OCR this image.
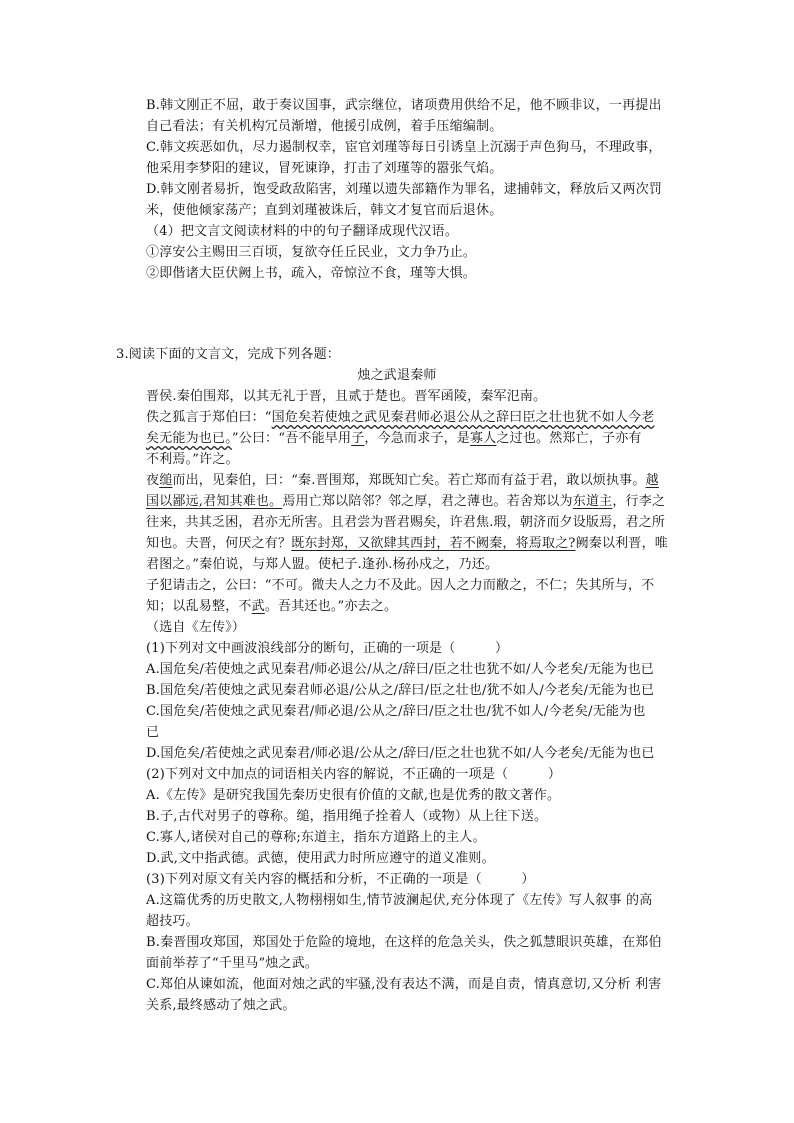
B.韩文刚正不屈，敢于奏议国事，武宗继位，诸项费用供给不足，他不顾非议，一再提出
自己看法；有关机构冗员渐增，他援引成例，着手压缩编制。
C.韩文疾恶如仇，尽力遏制权幸，宦官刘瑾等每日引诱皇上沉溺于声色狗马，不理政事，
他采用李梦阳的建议，冒死谏诤，打击了刘瑾等的嚣张气焰。
D.韩文刚者易折，饱受政敌陷害，刘瑾以遗失部籍作为罪名，逮捕韩文，释放后又两次罚
米，使他倾家荡产；直到刘瑾被诛后，韩文才复官而后退休。
（4）把文言文阅读材料的中的句子翻译成现代汉语。
①淳安公主赐田三百顷，复欲夺任丘民业，文力争乃止。
②即偕诸大臣伏阙上书，疏入，帝惊泣不食，瑾等大惧。
3.阅读下面的文言文，完成下列各题：
烛之武退秦师
晋侯.秦伯围郑，以其无礼于晋，且贰于楚也。晋军函陵，秦军氾南。
佚之狐言于郑伯曰：“国危矣若使烛之武见秦君师必退公从之辞曰臣之壮也犹不如人今老
矣无能为也已。”公曰：“吾不能早用子，今急而求子，是寡人之过也。然郑亡，子亦有
不利焉。”许之。
夜缒而出，见秦伯，曰：“秦.晋围郑，郑既知亡矣。若亡郑而有益于君，敢以烦执事。越
国以鄙远,君知其难也。焉用亡郑以陪邻？邻之厚，君之薄也。若舍郑以为东道主，行李之
往来，共其乏困，君亦无所害。且君尝为晋君赐矣，许君焦.瑕，朝济而夕设版焉，君之所
知也。夫晋，何厌之有？既东封郑，又欲肆其西封，若不阙秦，将焉取之?阙秦以利晋，唯
君图之。”秦伯说，与郑人盟。使杞子.逢孙.杨孙戍之，乃还。
子犯请击之，公曰：“不可。微夫人之力不及此。因人之力而敝之，不仁；失其所与，不
知；以乱易整，不武。吾其还也。”亦去之。
（选自《左传》）
(1)下列对文中画波浪线部分的断句，正确的一项是（　　　）
A.国危矣/若使烛之武见秦君/师必退公/从之/辞曰/臣之壮也犹不如/人今老矣/无能为也已
B.国危矣/若使烛之武见秦君师必退/公从之/辞曰/臣之壮也/犹不如人/今老矣/无能为也已
C.国危矣/若使烛之武见秦君/师必退/公从之/辞曰/臣之壮也/犹不如人/今老矣/无能为也
已
D.国危矣/若使烛之武见秦君/师必退/公从之/辞曰/臣之壮也犹不如/人今老矣/无能为也已
(2)下列对文中加点的词语相关内容的解说，不正确的一项是（　　　）
A.《左传》是研究我国先秦历史很有价值的文献,也是优秀的散文著作。
B.子,古代对男子的尊称。缒，指用绳子拴着人（或物）从上往下送。
C.寡人,诸侯对自己的尊称;东道主，指东方道路上的主人。
D.武,文中指武德。武德，使用武力时所应遵守的道义准则。
(3)下列对原文有关内容的概括和分析，不正确的一项是（　　　）
A.这篇优秀的历史散文,人物栩栩如生,情节波澜起伏,充分体现了《左传》写人叙事 的高
超技巧。
B.秦晋围攻郑国，郑国处于危险的境地，在这样的危急关头，佚之狐慧眼识英雄，在郑伯
面前举荐了“千里马”烛之武。
C.郑伯从谏如流，他面对烛之武的牢骚,没有表达不满，而是自责，情真意切,又分析 利害
关系,最终感动了烛之武。
